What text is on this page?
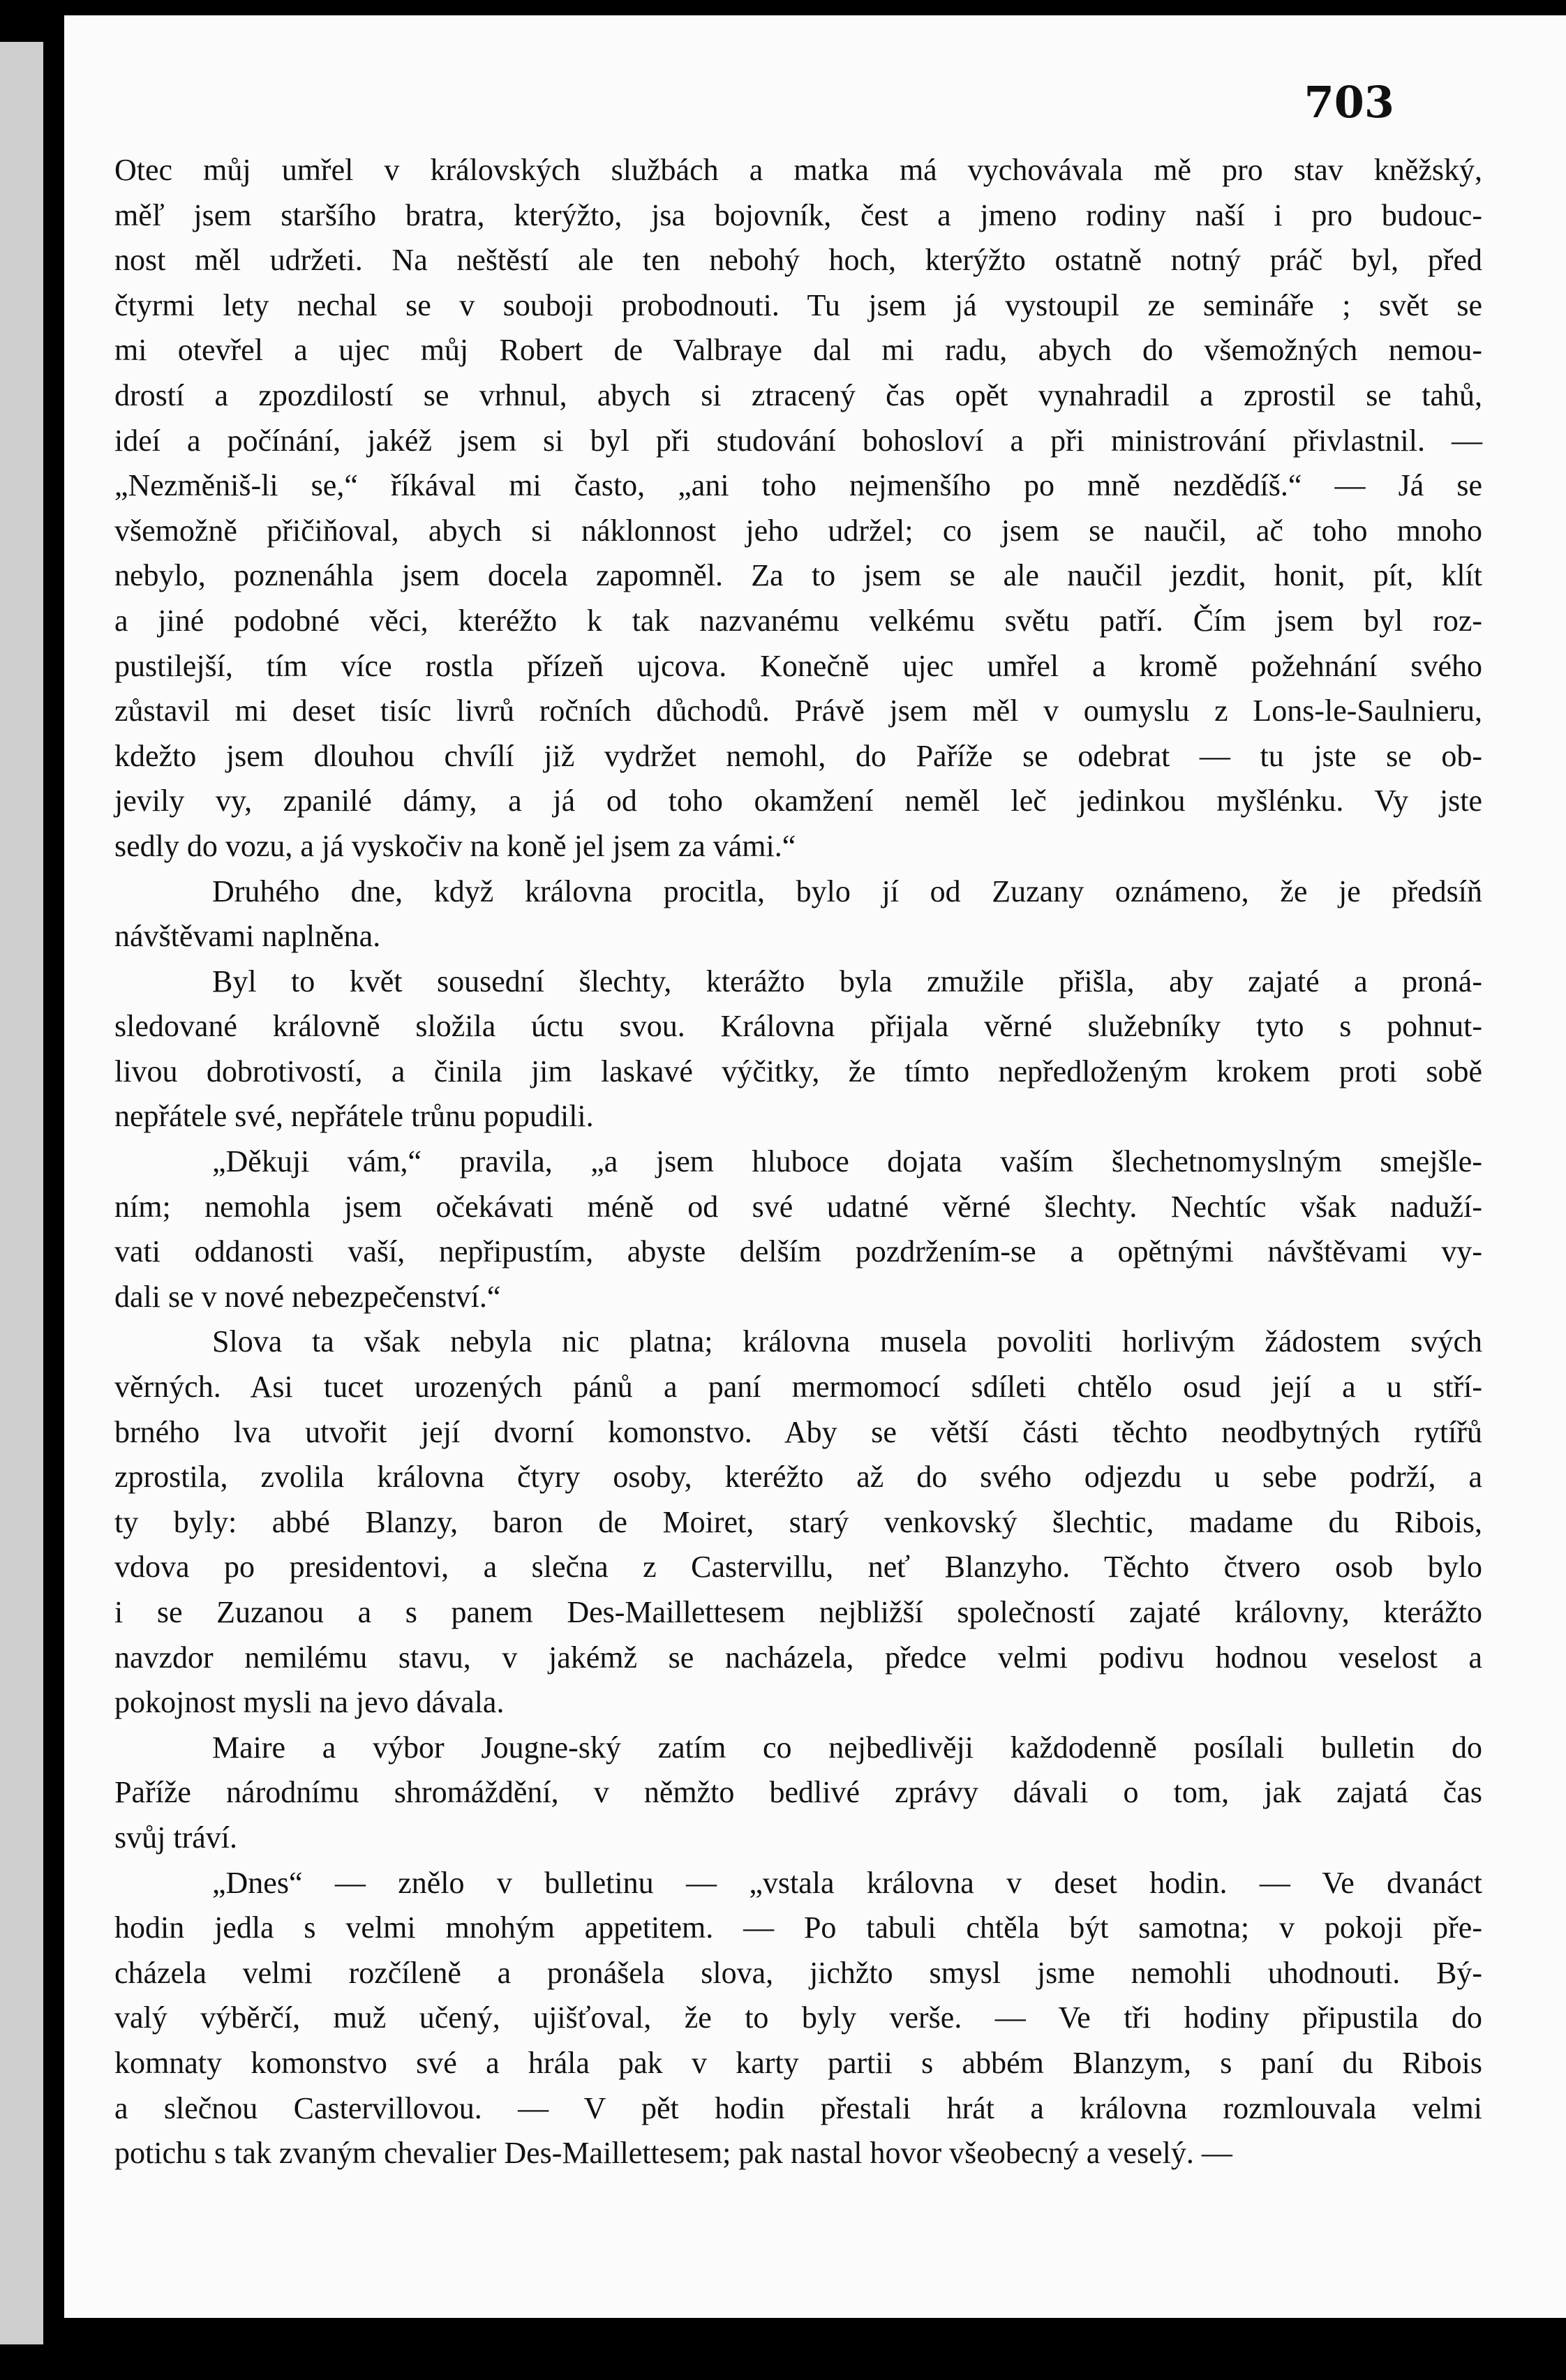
703

Otec můj umřel v královských službách a matka má vychovávala mě pro stav kněžský,
měľ jsem staršího bratra, kterýžto, jsa bojovník, čest a jmeno rodiny naší i pro budouc-
nost měl udržeti. Na neštěstí ale ten nebohý hoch, kterýžto ostatně notný práč byl, před
čtyrmi lety nechal se v souboji probodnouti. Tu jsem já vystoupil ze semináře ; svět se
mi otevřel a ujec můj Robert de Valbraye dal mi radu, abych do všemožných nemou-
drostí a zpozdilostí se vrhnul, abych si ztracený čas opět vynahradil a zprostil se tahů,
ideí a počínání, jakéž jsem si byl při studování bohosloví a při ministrování přivlastnil. —
„Nezměniš-li se,“ říkával mi často, „ani toho nejmenšího po mně nezdědíš.“ — Já se
všemožně přičiňoval, abych si náklonnost jeho udržel; co jsem se naučil, ač toho mnoho
nebylo, poznenáhla jsem docela zapomněl. Za to jsem se ale naučil jezdit, honit, pít, klít
a jiné podobné věci, kteréžto k tak nazvanému velkému světu patří. Čím jsem byl roz-
pustilejší, tím více rostla přízeň ujcova. Konečně ujec umřel a kromě požehnání svého
zůstavil mi deset tisíc livrů ročních důchodů. Právě jsem měl v oumyslu z Lons-le-Saulnieru,
kdežto jsem dlouhou chvílí již vydržet nemohl, do Paříže se odebrat — tu jste se ob-
jevily vy, zpanilé dámy, a já od toho okamžení neměl leč jedinkou myšlénku. Vy jste
sedly do vozu, a já vyskočiv na koně jel jsem za vámi.“

Druhého dne, když královna procitla, bylo jí od Zuzany oznámeno, že je předsíň
návštěvami naplněna.

Byl to květ sousední šlechty, kterážto byla zmužile přišla, aby zajaté a proná-
sledované královně složila úctu svou. Královna přijala věrné služebníky tyto s pohnut-
livou dobrotivostí, a činila jim laskavé výčitky, že tímto nepředloženým krokem proti sobě
nepřátele své, nepřátele trůnu popudili.

„Děkuji vám,“ pravila, „a jsem hluboce dojata vaším šlechetnomyslným smejšle-
ním; nemohla jsem očekávati méně od své udatné věrné šlechty. Nechtíc však naduží-
vati oddanosti vaší, nepřipustím, abyste delším pozdržením-se a opětnými návštěvami vy-
dali se v nové nebezpečenství.“

Slova ta však nebyla nic platna; královna musela povoliti horlivým žádostem svých
věrných. Asi tucet urozených pánů a paní mermomocí sdíleti chtělo osud její a u stří-
brného lva utvořit její dvorní komonstvo. Aby se větší části těchto neodbytných rytířů
zprostila, zvolila královna čtyry osoby, kteréžto až do svého odjezdu u sebe podrží, a
ty byly: abbé Blanzy, baron de Moiret, starý venkovský šlechtic, madame du Ribois,
vdova po presidentovi, a slečna z Castervillu, neť Blanzyho. Těchto čtvero osob bylo
i se Zuzanou a s panem Des-Maillettesem nejbližší společností zajaté královny, kterážto
navzdor nemilému stavu, v jakémž se nacházela, předce velmi podivu hodnou veselost a
pokojnost mysli na jevo dávala.

Maire a výbor Jougne-ský zatím co nejbedlivěji každodenně posílali bulletin do
Paříže národnímu shromáždění, v němžto bedlivé zprávy dávali o tom, jak zajatá čas
svůj tráví.

„Dnes“ — znělo v bulletinu — „vstala královna v deset hodin. — Ve dvanáct
hodin jedla s velmi mnohým appetitem. — Po tabuli chtěla být samotna; v pokoji pře-
cházela velmi rozčíleně a pronášela slova, jichžto smysl jsme nemohli uhodnouti. Bý-
valý výběrčí, muž učený, ujišťoval, že to byly verše. — Ve tři hodiny připustila do
komnaty komonstvo své a hrála pak v karty partii s abbém Blanzym, s paní du Ribois
a slečnou Castervillovou. — V pět hodin přestali hrát a královna rozmlouvala velmi
potichu s tak zvaným chevalier Des-Maillettesem; pak nastal hovor všeobecný a veselý. —
